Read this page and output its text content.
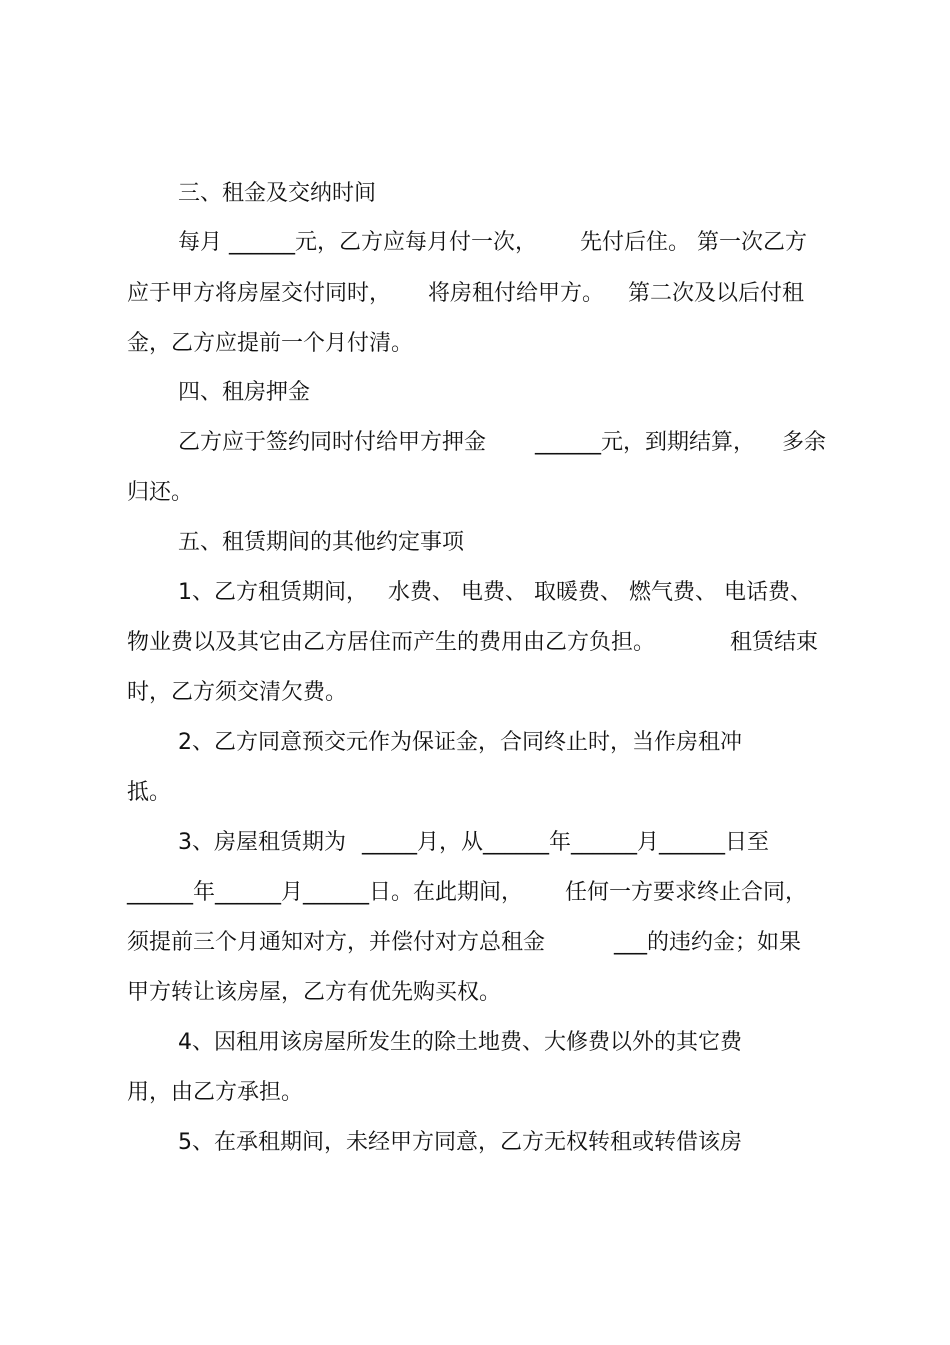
三、租金及交纳时间

每月 ______元，乙方应每月付一次，

先付后住。 第一次乙方

应于甲方将房屋交付同时，

将房租付给甲方。

第二次及以后付租

金，乙方应提前一个月付清。

四、租房押金

乙方应于签约同时付给甲方押金

______元，到期结算，

多余

归还。

五、租赁期间的其他约定事项

1、乙方租赁期间，

水费、 电费、 取暖费、 燃气费、 电话费、

物业费以及其它由乙方居住而产生的费用由乙方负担。

	租赁结束

时，乙方须交清欠费。

2、乙方同意预交元作为保证金，合同终止时，当作房租冲

抵。

3、房屋租赁期为

_____月，从______年______月______日至

______年______月______日。在此期间，

任何一方要求终止合同，

须提前三个月通知对方，并偿付对方总租金

	___的违约金；如果

甲方转让该房屋，乙方有优先购买权。

4、因租用该房屋所发生的除土地费、大修费以外的其它费

用，由乙方承担。

5、在承租期间，未经甲方同意，乙方无权转租或转借该房
